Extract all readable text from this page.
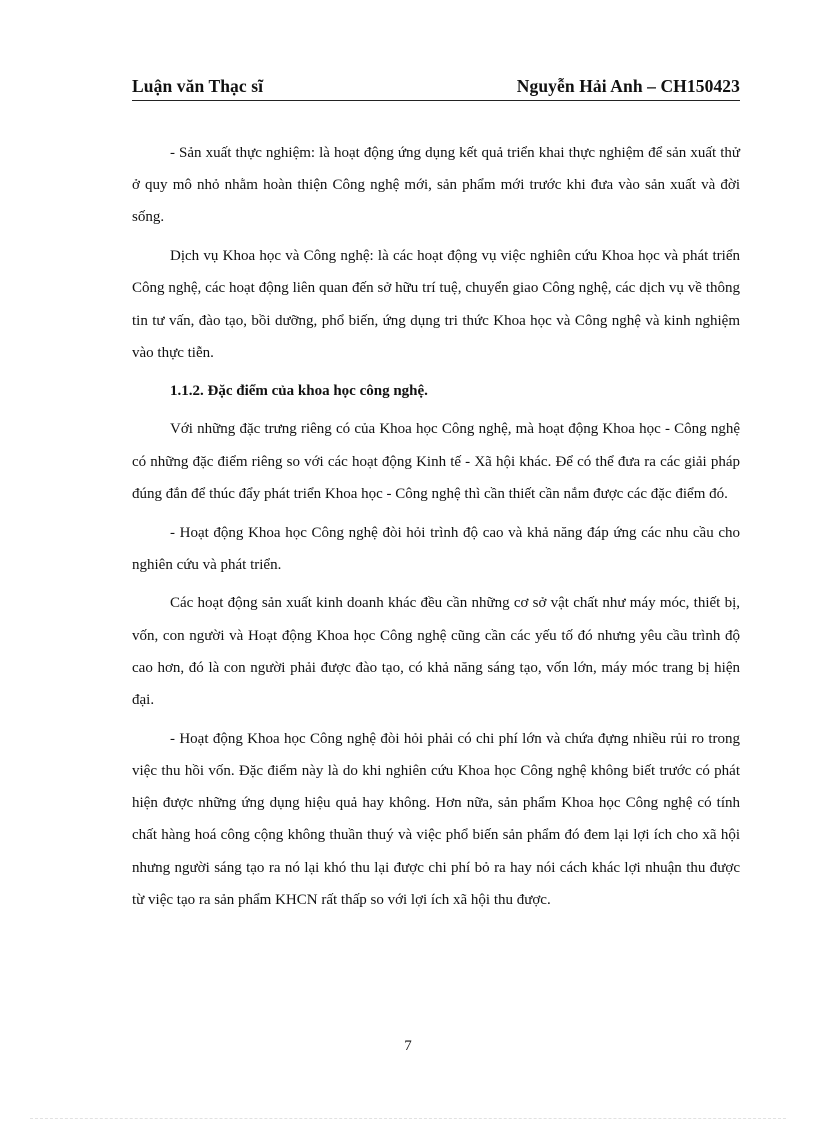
Luận văn Thạc sĩ	Nguyễn Hải Anh – CH150423

- Sản xuất thực nghiệm: là hoạt động ứng dụng kết quả triển khai thực nghiệm để sản xuất thử ở quy mô nhỏ nhằm hoàn thiện Công nghệ mới, sản phẩm mới trước khi đưa vào sản xuất và đời sống.

Dịch vụ Khoa học và Công nghệ: là các hoạt động vụ việc nghiên cứu Khoa học và phát triển Công nghệ, các hoạt động liên quan đến sở hữu trí tuệ, chuyển giao Công nghệ, các dịch vụ về thông tin tư vấn, đào tạo, bồi dưỡng, phổ biến, ứng dụng tri thức Khoa học và Công nghệ và kinh nghiệm vào thực tiễn.

1.1.2. Đặc điểm của khoa học công nghệ.

Với những đặc trưng riêng có của Khoa học Công nghệ, mà hoạt động Khoa học - Công nghệ có những đặc điểm riêng so với các hoạt động Kinh tế - Xã hội khác. Để có thể đưa ra các giải pháp đúng đắn để thúc đẩy phát triển Khoa học - Công nghệ thì cần thiết cần nắm được các đặc điểm đó.

- Hoạt động Khoa học Công nghệ đòi hỏi trình độ cao và khả năng đáp ứng các nhu cầu cho nghiên cứu và phát triển.

Các hoạt động sản xuất kinh doanh khác đều cần những cơ sở vật chất như máy móc, thiết bị, vốn, con người và Hoạt động Khoa học Công nghệ cũng cần các yếu tố đó nhưng yêu cầu trình độ cao hơn, đó là con người phải được đào tạo, có khả năng sáng tạo, vốn lớn, máy móc trang bị hiện đại.

- Hoạt động Khoa học Công nghệ đòi hỏi phải có chi phí lớn và chứa đựng nhiều rủi ro trong việc thu hồi vốn. Đặc điểm này là do khi nghiên cứu Khoa học Công nghệ không biết trước có phát hiện được những ứng dụng hiệu quả hay không. Hơn nữa, sản phẩm Khoa học Công nghệ có tính chất hàng hoá công cộng không thuần thuý và việc phổ biến sản phẩm đó đem lại lợi ích cho xã hội nhưng người sáng tạo ra nó lại khó thu lại được chi phí bỏ ra hay nói cách khác lợi nhuận thu được từ việc tạo ra sản phẩm KHCN rất thấp so với lợi ích xã hội thu được.

7
